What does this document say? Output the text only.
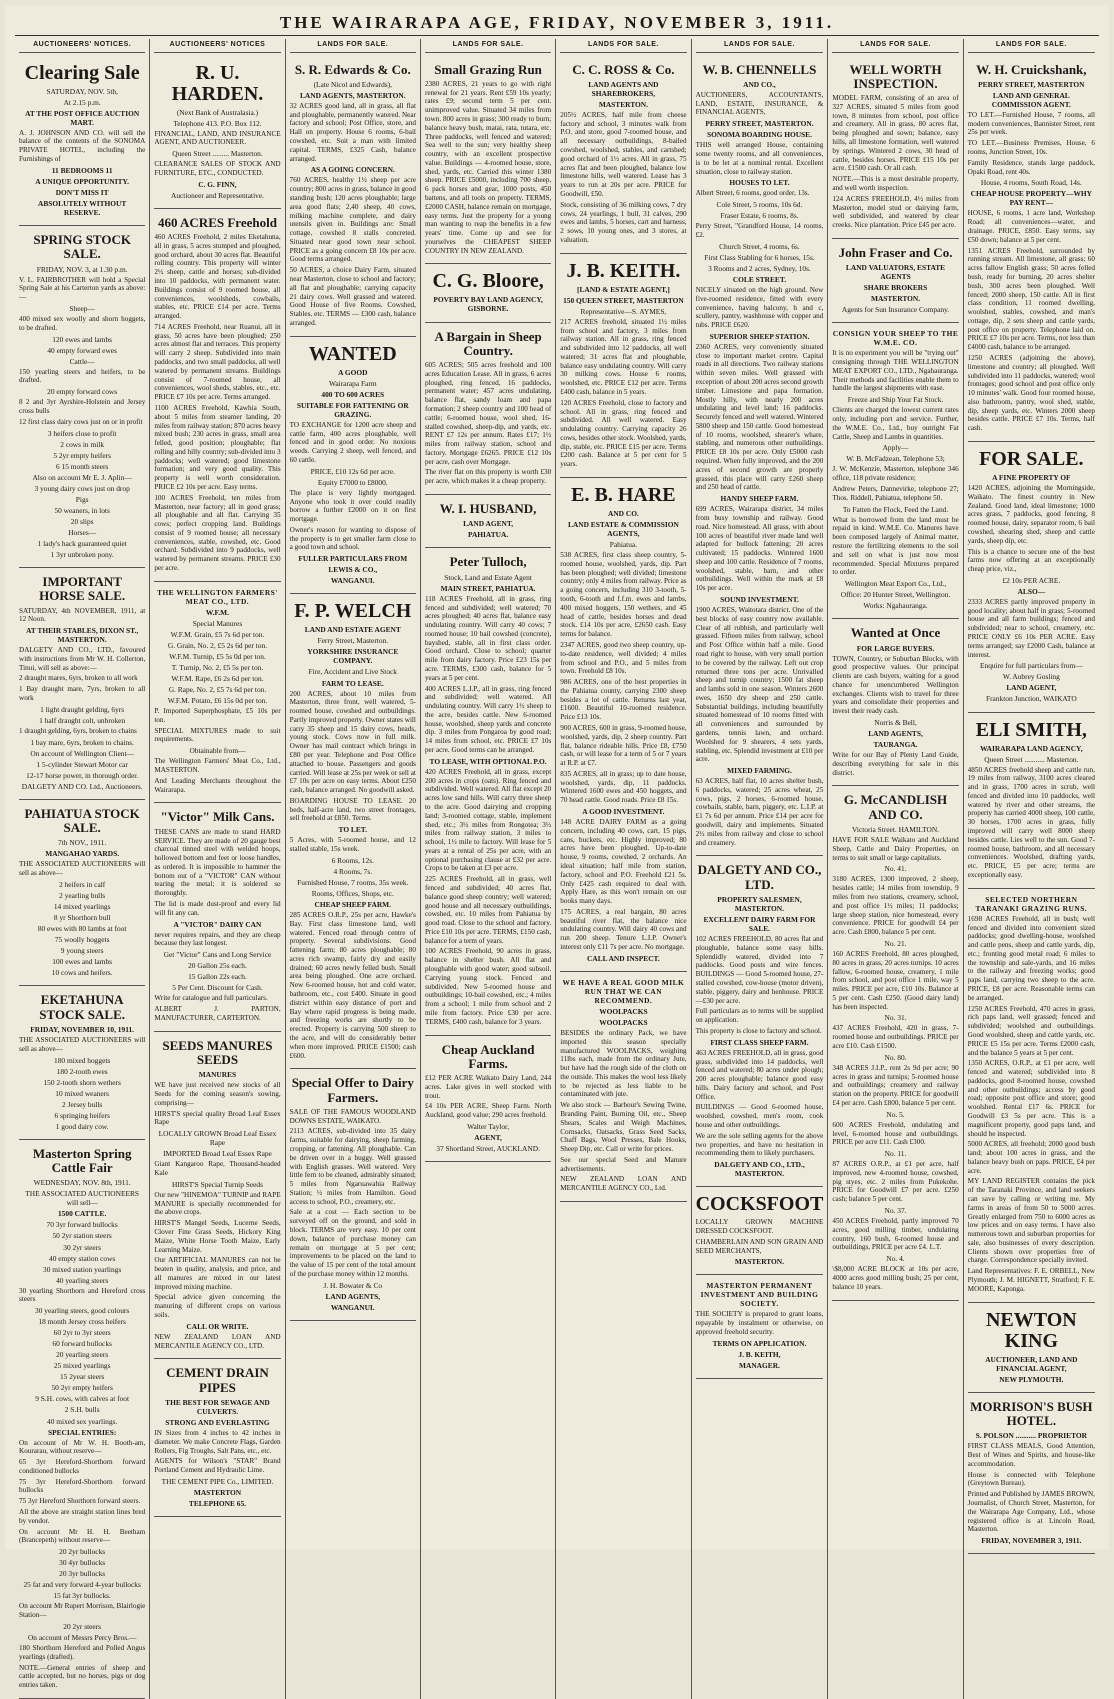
THE WAIRARAPA AGE, FRIDAY, NOVEMBER 3, 1911.
AUCTIONEERS' NOTICES.
Clearing Sale
SATURDAY, NOV. 5th,
At 2.15 p.m.
AT THE POST OFFICE AUCTION MART.
A. J. JOHNSON AND CO. will sell the balance of the contents of the SONOMA PRIVATE HOTEL, including the Furnishings of
11 BEDROOMS 11
A UNIQUE OPPORTUNITY.
DON'T MISS IT
ABSOLUTELY WITHOUT RESERVE.
SPRING STOCK SALE.
FRIDAY, NOV. 3, at 1.30 p.m.
V. L. FAIRBROTHER will hold a Special Spring Sale at his Carterton yards as above:—
Sheep—
400 mixed sex woolly and shorn hoggets, to be drafted.
120 ewes and lambs
40 empty forward ewes
Cattle—
150 yearling steers and heifers, to be drafted.
20 empty forward cows
8 2 and 3yr Ayrshire-Holstein and Jersey cross bulls
12 first class dairy cows just on or in profit
3 heifers close to profit
2 cows in milk
5 2yr empty heifers
6 15 month steers
Also on account Mr E. J. Aplin—
3 young dairy cows just on drop
Pigs
50 weaners, in lots
20 slips
Horses—
1 lady's hack guaranteed quiet
1 3yr unbroken pony.
IMPORTANT HORSE SALE.
SATURDAY, 4th NOVEMBER, 1911, at 12 Noon.
AT THEIR STABLES, DIXON ST., MASTERTON.
DALGETY AND CO., LTD., favoured with instructions from Mr W. H. Collerton, Tinui, will sell as above:—
2 draught mares, 6yrs, broken to all work
1 Bay draught mare, 7yrs, broken to all work
1 light draught gelding, 6yrs
1 half draught colt, unbroken
1 draught gelding, 6yrs, broken to chains
1 bay mare, 6yrs, broken to chains.
On account of Wellington Client—
1 5-cylinder Stewart Motor car
12-17 horse power, in thorough order.
DALGETY AND CO. Ltd., Auctioneers.
PAHIATUA STOCK SALE.
7th NOV., 1911.
MANGAHAO YARDS.
THE ASSOCIATED AUCTIONEERS will sell as above—
2 heifers in calf
2 yearling bulls
14 mixed yearlings
8 yr Shorthorn bull
80 ewes with 80 lambs at foot
75 woolly hoggets
9 young steers
100 ewes and lambs
10 cows and heifers.
EKETAHUNA STOCK SALE.
FRIDAY, NOVEMBER 10, 1911.
THE ASSOCIATED AUCTIONEERS will sell as above—
180 mixed hoggets
180 2-tooth ewes
150 2-tooth shorn wethers
10 mixed weaners
2 Jersey bulls
6 springing heifers
1 good dairy cow.
Masterton Spring Cattle Fair
WEDNESDAY, NOV. 8th, 1911.
THE ASSOCIATED AUCTIONEERS will sell—
1500 CATTLE.
70 3yr forward bullocks
50 2yr station steers
30 2yr steers
40 empty station cows
30 mixed station yearlings
40 yearling steers
30 yearling Shorthorn and Hereford cross steers
30 yearling steers, good colours
18 month Jersey cross heifers
60 2yr to 3yr steers
60 forward bullocks
20 yearling steers
25 mixed yearlings
15 2year steers
50 2yr empty heifers
9 S.H. cows, with calves at foot
2 S.H. bulls
40 mixed sex yearlings.
SPECIAL ENTRIES:
On account of Mr W. H. Booth-am, Kourarau, without reserve—
65 3yr Hereford-Shorthorn forward conditioned bullocks
75 3yr Hereford-Shorthorn forward bullocks
75 3yr Hereford Shorthorn forward steers.
All the above are straight station lines bred by vendor.
On account Mr H. H. Beetham (Brancepeth) without reserve—
20 2yr bullocks
30 4yr bullocks
20 3yr bullocks
25 fat and very forward 4-year bullocks
15 fat 3yr bullocks.
On account Mr Rupert Morrison, Blairlogie Station—
20 2yr steers
On account of Messrs Percy Bros.—
180 Shorthorn Hereford and Polled Angus yearlings (drafted).
NOTE.—General entries of sheep and cattle accepted, but no horses, pigs or dog entries taken.
AUCTIONEERS' NOTICES
R. U. HARDEN.
(Next Bank of Australasia.)
Telephone 413. P.O. Box 112.
FINANCIAL, LAND, AND INSURANCE AGENT, AND AUCTIONEER.
Queen Street ......... Masterton.
CLEARANCE SALES OF STOCK AND FURNITURE, ETC., CONDUCTED.
C. G. FINN,
Auctioneer and Representative.
460 ACRES Freehold
460 ACRES Freehold, 2 miles Eketahuna, all in grass, 5 acres stumped and ploughed, good orchard, about 30 acres flat. Beautiful rolling country. This property will winter 2½ sheep, cattle and horses; sub-divided into 10 paddocks, with permanent water. Buildings consist of 9 roomed house, all conveniences, woolsheds, cowbails, stables, etc. PRICE £14 per acre. Terms arranged.
714 ACRES Freehold, near Ruanui, all in grass, 50 acres have been ploughed; 250 acres almost flat and terraces. This property will carry 2 sheep. Subdivided into main paddocks, and two small paddocks, all well watered by permanent streams. Buildings consist of 7-roomed house, all conveniences, wool sheds, stables, etc., etc. PRICE £7 10s per acre. Terms arranged.
1100 ACRES Freehold, Kawhia South, about 5 miles from steamer landing, 20 miles from railway station; 870 acres heavy mixed bush; 230 acres in grass, small area felled, good position; ploughable; flat rolling and hilly country; sub-divided into 3 paddocks; well watered; good limestone formation; and very good quality. This property is well worth consideration. PRICE £2 10s per acre. Easy terms.
100 ACRES Freehold, ten miles from Masterton, near factory; all in good grass; all ploughable and all flat. Carrying 35 cows; perfect cropping land. Buildings consist of 9 roomed house; all necessary conveniences, stable, cowshed, etc. Good orchard. Subdivided into 9 paddocks, well watered by permanent streams. PRICE £30 per acre.
THE WELLINGTON FARMERS' MEAT CO., LTD.
W.F.M.
Special Manures
W.F.M. Grain, £5 7s 6d per ton.
G. Grain, No. 2, £5 2s 6d per ton.
W.F.M. Turnip, £5 5s 0d per ton.
T. Turnip, No. 2, £5 5s per ton.
W.F.M. Rape, £6 2s 6d per ton.
G. Rape, No. 2, £5 7s 6d per ton.
W.F.M. Potato, £6 15s 0d per ton.
P. Imported Superphosphate, £5 10s per ton.
SPECIAL MIXTURES made to suit requirements.
Obtainable from—
The Wellington Farmers' Meat Co., Ltd., MASTERTON.
And Leading Merchants throughout the Wairarapa.
"Victor" Milk Cans.
THESE CANS are made to stand HARD SERVICE. They are made of 20 gauge best charcoal tinned steel with welded hoops, hollowed bottom and feet or loose handles, as ordered. It is impossible to hammer the bottom out of a "VICTOR" CAN without tearing the metal; it is soldered so thoroughly.
The lid is made dust-proof and every lid will fit any can.
A "VICTOR" DAIRY CAN
never requires repairs, and they are cheap because they last longest.
Get "Victor" Cans and Long Service
20 Gallon 25s each.
15 Gallon 22s each.
5 Per Cent. Discount for Cash.
Write for catalogue and full particulars.
ALBERT J. PARTON, MANUFACTURER, CARTERTON.
SEEDS MANURES SEEDS
MANURES
WE have just received new stocks of all Seeds for the coming season's sowing, comprising—
HIRST'S special quality Broad Leaf Essex Rape
LOCALLY GROWN Broad Leaf Essex Rape
IMPORTED Broad Leaf Essex Rape
Giant Kangaroo Rape, Thousand-headed Kale
HIRST'S Special Turnip Seeds
Our new "HINEMOA" TURNIP and RAPE MANURE is specially recommended for the above crops.
HIRST'S Mangel Seeds, Lucerne Seeds, Clover Fine Grass Seeds, Hickory King Maize, White Horse Tooth Maize, Early Learning Maize.
Our ARTIFICIAL MANURES can not be beaten in quality, analysis, and price, and all manures are mixed in our latest improved mixing machine.
Special advice given concerning the manuring of different crops on various soils.
CALL OR WRITE.
NEW ZEALAND LOAN AND MERCANTILE AGENCY CO., LTD.
CEMENT DRAIN PIPES
THE BEST FOR SEWAGE AND CULVERTS.
STRONG AND EVERLASTING
IN Sizes from 4 inches to 42 inches in diameter. We make Concrete Flags, Garden Rollers, Fig Troughs, Salt Pans, etc., etc.
AGENTS for Wilson's "STAR" Brand Portland Cement and Hydraulic Lime.
THE CEMENT PIPE Co., LIMITED.
MASTERTON
TELEPHONE 65.
LANDS FOR SALE.
S. R. Edwards & Co.
(Late Nicol and Edwards),
LAND AGENTS, MASTERTON.
32 ACRES good land, all in grass, all flat and ploughable, permanently watered. Near factory and school; Post Office, store, and Hall on property. House 6 rooms, 6-bail cowshed, etc. Suit a man with limited capital. TERMS, £325 Cash, balance arranged.
AS A GOING CONCERN.
760 ACRES, healthy 1½ sheep per acre country; 800 acres in grass, balance in good standing bush; 120 acres ploughable; large area good flats; 2,40 sheep, 40 cows, milking machine complete, and dairy utensils given in. Buildings are: Small cottage, cowshed 8 stalls concreted. Situated near good town near school. PRICE as a going concern £8 10s per acre. Good terms arranged.
50 ACRES, a choice Dairy Farm, situated near Masterton, close to school and factory; all flat and ploughable; carrying capacity 21 dairy cows. Well grassed and watered. Good House of five Rooms. Cowshed, Stables, etc. TERMS — £300 cash, balance arranged.
WANTED
A GOOD
Wairarapa Farm
400 TO 600 ACRES
SUITABLE FOR FATTENING OR GRAZING.
TO EXCHANGE for 1200 acre sheep and cattle farm, 400 acres ploughable, well fenced and in good order. No noxious weeds. Carrying 2 sheep, well fenced, and 60 cattle.
PRICE, £10 12s 6d per acre.
Equity £7000 to £8000.
The place is very lightly mortgaged. Anyone who took it over could readily borrow a further £2000 on it on first mortgage.
Owner's reason for wanting to dispose of the property is to get smaller farm close to a good town and school.
FULLER PARTICULARS FROM
LEWIS & CO.,
WANGANUI.
F. P. WELCH
LAND AND ESTATE AGENT
Ferry Street, Masterton.
YORKSHIRE INSURANCE COMPANY.
Fire, Accident and Live Stock
FARM TO LEASE.
200 ACRES, about 10 miles from Masterton, three front, well watered, 5-roomed house, cowshed and outbuildings. Partly improved property. Owner states will carry 35 sheep and 15 dairy cows, heads, young stock. Cows now in full milk. Owner has mail contract which brings in £80 per year. Telephone and Post Office attached to house. Passengers and goods carried. Will lease at 25s per week or sell at £7 10s per acre on easy terms. About £250 cash, balance arranged. No goodwill asked.
BOARDING HOUSE TO LEASE. 20 beds, half-acre land, two street frontages, sell freehold at £850. Terms.
TO LET.
5 Acres, with 5-roomed house, and 12 stalled stable, 15s week.
6 Rooms, 12s.
4 Rooms, 7s.
Furnished House, 7 rooms, 35s week.
Rooms, Offices, Shops, etc.
CHEAP SHEEP FARM.
285 ACRES O.R.P., 25s per acre, Hawke's Bay. First class limestone land, well watered. Fenced road through centre of property. Several subdivisions. Good fattening farm; 80 acres ploughable; 80 acres rich swamp, fairly dry and easily drained; 60 acres newly felled bush. Small area being ploughed. One acre orchard. New 6-roomed house, hot and cold water, bathroom, etc., cost £400. Situate in good district within easy distance of port and Bay where rapid progress is being made, and freezing works are shortly to be erected. Property is carrying 500 sheep to the acre, and will do considerably better when more improved. PRICE £1500; cash £600.
Special Offer to Dairy Farmers.
SALE OF THE FAMOUS WOODLAND DOWNS ESTATE, WAIKATO.
2113 ACRES, sub-divided into 35 dairy farms, suitable for dairying, sheep farming, cropping, or fattening. All ploughable. Can be driven over in a buggy. Well grassed with English grasses. Well watered. Very little fern to be cleaned, admirably situated; 5 miles from Ngaruawahia Railway Station; ½ miles from Hamilton. Good access to school, P.O., creamery, etc.
Sale at a cost — Each section to be surveyed off on the ground, and sold in block. TERMS are very easy. 10 per cent down, balance of purchase money can remain on mortgage at 5 per cent; improvements to be placed on the land to the value of 15 per cent of the total amount of the purchase money within 12 months.
J. H. Bowater & Co
LAND AGENTS,
WANGANUI.
LANDS FOR SALE.
Small Grazing Run
2380 ACRES, 21 years to go with right renewal for 21 years. Rent £59 10s yearly; rates £9; second term 5 per cent. unimproved value. Situated 34 miles from town. 800 acres in grass; 300 ready to burn; balance heavy bush, matai, rata, tutara, etc. Three paddocks, well fenced and watered; Sea well to the sun; very healthy sheep country, with an excellent prospective value. Buildings — 4-roomed house, store, shed, yards, etc. Carried this winter 1380 sheep. PRICE £5000, including 700 sheep, 6 pack horses and gear, 1000 posts, 450 battens, and all tools on property. TERMS, £2000 CASH, balance remain on mortgage, easy terms. Just the property for a young man wanting to reap the benefits in a few years' time. Come up and see for yourselves the CHEAPEST SHEEP COUNTRY IN NEW ZEALAND.
C. G. Bloore,
POVERTY BAY LAND AGENCY, GISBORNE.
A Bargain in Sheep Country.
605 ACRES; 505 acres freehold and 100 acres Education Lease. All in grass, 6 acres ploughed, ring fenced, 16 paddocks, permanent water; 457 acres undulating, balance flat, sandy loam and papa formation; 2 sheep country and 100 head of cattle; 6-roomed house, wool shed, 16-stalled cowshed, sheep-dip, and yards, etc. RENT £7 12s per annum. Rates £17; 1½ miles from railway station, school and factory. Mortgage £6265. PRICE £12 10s per acre, cash over Mortgage.
The river flat on this property is worth £30 per acre, which makes it a cheap property.
W. I. HUSBAND,
LAND AGENT,
PAHIATUA.
Peter Tulloch,
Stock, Land and Estate Agent
MAIN STREET, PAHIATUA.
118 ACRES Freehold, all in grass, ring fenced and subdivided; well watered; 70 acres ploughed; 40 acres flat, balance easy undulating country. Will carry 40 cows; 7 roomed house; 10 bail cowshed (concrete), bayshed, stable, all in first class order. Good orchard. Close to school; quarter mile from dairy factory. Price £23 15s per acre. TERMS, £300 cash, balance for 5 years at 5 per cent.
400 ACRES L.I.P., all in grass, ring fenced and subdivided; well watered. All undulating country. Will carry 1½ sheep to the acre, besides cattle. New 6-roomed house, woolshed, sheep yards and concrete dip. 3 miles from Pongaroa by good road; 14 miles from school, etc. PRICE £7 10s per acre. Good terms can be arranged.
TO LEASE, WITH OPTIONAL P.O.
420 ACRES Freehold, all in grass, except 200 acres in crops (oats). Ring fenced and subdivided. Well watered. All flat except 20 acres low sand hills. Will carry three sheep to the acre. Good dairying and cropping land; 3-roomed cottage, stable, implement shed, etc.; 3½ miles from Rongotea; 3½ miles from railway station, 3 miles to school, 1½ mile to factory. Will lease for 5 years at a rental of 25s per acre, with an optional purchasing clause at £32 per acre. Crops to be taken at £3 per acre.
225 ACRES Freehold, all in grass, well fenced and subdivided; 40 acres flat, balance good sheep country; well watered; good house and all necessary outbuildings, cowshed, etc. 10 miles from Pahiatua by good road. Close to the school and factory. Price £10 10s per acre. TERMS, £150 cash, balance for a term of years.
100 ACRES Freehold, 90 acres in grass, balance in shelter bush. All flat and ploughable with good water; good subsoil. Carrying young stock. Fenced and subdivided. New 5-roomed house and outbuildings; 10-bail cowshed, etc.; 4 miles from a school; 1 mile from school and 2 mile from factory. Price £30 per acre. TERMS, £400 cash, balance for 3 years.
Cheap Auckland Farms.
£12 PER ACRE Waikato Dairy Land, 244 acres. Lake gives in well stocked with trout.
£4 10s PER ACRE, Sheep Farm. North Auckland, good value; 290 acres freehold.
Walter Taylor,
AGENT,
37 Shortland Street, AUCKLAND.
LANDS FOR SALE.
C. C. ROSS & Co.
LAND AGENTS AND SHAREBROKERS,
MASTERTON.
205½ ACRES, half mile from cheese factory and school, 3 minutes walk from P.O. and store, good 7-roomed house, and all necessary outbuildings, 8-bailed cowshed, woolshed, stables, and cartshed; good orchard of 1½ acres. All in grass, 75 acres flat and been ploughed, balance low limestone hills, well watered. Lease has 3 years to run at 20s per acre. PRICE for Goodwill, £50.
Stock, consisting of 36 milking cows, 7 dry cows, 24 yearlings, 1 bull, 31 calves, 290 ewes and lambs, 5 horses, cart and harness, 2 sows, 10 young ones, and 3 stores, at valuation.
J. B. KEITH.
[LAND & ESTATE AGENT,]
150 QUEEN STREET, MASTERTON
Representative—S. AYMES,
217 ACRES freehold, situated 1½ miles from school and factory, 3 miles from railway station. All in grass, ring fenced and subdivided into 12 paddocks, all well watered; 31 acres flat and ploughable, balance easy undulating country. Will carry 30 milking cows. House 6 rooms, woolshed, etc. PRICE £12 per acre. Terms £400 cash, balance in 5 years.
120 ACRES Freehold, close to factory and school. All in grass, ring fenced and subdivided. All well watered. Easy undulating country. Carrying capacity 26 cows, besides other stock. Woolshed, yards, dip, stable, etc. PRICE £15 per acre. Terms £200 cash. Balance at 5 per cent for 5 years.
E. B. HARE
AND CO.
LAND ESTATE & COMMISSION AGENTS,
Pahiatua.
538 ACRES, first class sheep country, 5-roomed house, woolshed, yards, dip. Part has been ploughed; well divided; limestone country; only 4 miles from railway. Price as a going concern, including 310 3-tooth, 5-tooth, 6-tooth and f.f.m. ewes and lambs, 400 mixed hoggets, 150 wethers, and 45 head of cattle, besides horses and dead stock. £14 10s per acre, £2650 cash. Easy terms for balance.
2347 ACRES, good two sheep country, up-to-date residence, well divided; 4 miles from school and P.O., and 5 miles from town. Freehold £8 10s.
986 ACRES, one of the best properties in the Pahiatua county, carrying 2300 sheep besides a lot of cattle. Returns last year, £1600. Beautiful 10-roomed residence. Price £13 10s.
900 ACRES, 600 in grass, 9-roomed house, woolshed, yards, dip, 2 sheep country. Part flat, balance rideable hills. Price £8, £750 cash, or will lease for a term of 5 or 7 years at R.P. at £7.
835 ACRES, all in grass; up to date house, woolshed, yards, dip, 11 paddocks. Wintered 1600 ewes and 450 hoggets, and 70 head cattle. Good roads. Price £8 15s.
A GOOD INVESTMENT.
148 ACRE DAIRY FARM as a going concern, including 40 cows, cart, 15 pigs, cans, buckets, etc. Highly improved; 80 acres have been ploughed. Up-to-date house, 9 rooms, cowshed, 2 orchards. An ideal situation; half mile from station, factory, school and P.O. Freehold £21 5s. Only £425 cash required to deal with. Apply Hare, as this won't remain on our books many days.
175 ACRES, a real bargain, 80 acres beautiful river flat, the balance nice undulating country. Will dairy 40 cows and run 200 sheep. Tenure L.I.P. Owner's interest only £11 7s per acre. No mortgage.
CALL AND INSPECT.
WE HAVE A REAL GOOD MILK RUN THAT WE CAN RECOMMEND.
WOOLPACKS
WOOLPACKS
BESIDES the ordinary Pack, we have imported this season specially manufactured WOOLPACKS, weighing 11lbs each, made from the ordinary Jute, but have had the rough side of the cloth on the outside. This makes the wool less likely to be rejected as less liable to be contaminated with jute.
We also stock — Barbour's Sewing Twine, Branding Paint, Burning Oil, etc., Sheep Shears, Scales and Weigh Machines, Cornsacks, Oatsacks, Grass Seed Sacks, Chaff Bags, Wool Presses, Bale Hooks, Sheep Dip, etc. Call or write for prices.
See our special Seed and Manure advertisements.
NEW ZEALAND LOAN AND MERCANTILE AGENCY CO., Ltd.
LANDS FOR SALE.
W. B. CHENNELLS
AND CO.,
AUCTIONEERS, ACCOUNTANTS, LAND, ESTATE, INSURANCE, & FINANCIAL AGENTS,
PERRY STREET, MASTERTON.
SONOMA BOARDING HOUSE.
THIS well arranged House, containing some twenty rooms, and all conveniences, is to be let at a nominal rental. Excellent situation, close to railway station.
HOUSES TO LET.
Albert Street, 6 rooms, good order, 13s.
Cole Street, 5 rooms, 10s 6d.
Fraser Estate, 6 rooms, 8s.
Perry Street, "Grandford House, 14 rooms, £2.
Church Street, 4 rooms, 6s.
First Class Stabling for 6 horses, 15s.
3 Rooms and 2 acres, Sydney, 10s.
COLE STREET.
NICELY situated on the high ground. New five-roomed residence, fitted with every convenience, having balcony, h and c, scullery, pantry, washhouse with copper and tubs. PRICE £620.
SUPERIOR SHEEP STATION.
2360 ACRES, very conveniently situated close to important market centre. Capital roads in all directions. Two railway stations within seven miles. Well grassed with exception of about 200 acres second growth timber. Limestone and papa formation. Mostly hilly, with nearly 200 acres undulating and level land; 16 paddocks. Securely fenced and well watered. Wintered 5800 sheep and 150 cattle. Good homestead of 10 rooms, woolshed, shearer's whare, stabling, and numerous other outbuildings. PRICE £8 10s per acre. Only £5000 cash required. When fully improved, and the 200 acres of second growth are properly grassed, this place will carry £260 sheep and 250 head of cattle.
HANDY SHEEP FARM.
699 ACRES, Wairarapa district, 34 miles from busy township and railway. Good road. Nice homestead. All grass, with about 100 acres of beautiful river made land well adapted for bullock fattening; 20 acres cultivated; 15 paddocks. Wintered 1600 sheep and 100 cattle. Residence of 7 rooms, woolshed, stable, barn, and other outbuildings. Well within the mark at £8 10s per acre.
SOUND INVESTMENT.
1900 ACRES, Waitotara district. One of the best blocks of easy country now available. Clear of all rubbish, and particularly well grassed. Fifteen miles from railway, school and Post Office within half a mile. Good road right to house, with very small portion to be covered by the railway. Left out crop returned three tons per acre. Unrivalled sheep and turnip country; 1500 fat sheep and lambs sold in one season. Winters 2600 ewes, 1650 dry sheep and 250 cattle. Substantial buildings, including beautifully situated homestead of 10 rooms fitted with all conveniences and surrounded by gardens, tennis lawn, and orchard. Woolshed for 9 shearers, 4 sets yards, stabling, etc. Splendid investment at £10 per acre.
MIXED FARMING.
63 ACRES, half flat, 10 acres shelter bush, 6 paddocks, watered; 25 acres wheat, 25 cows, pigs, 2 horses, 6-roomed house, cowbails, stable, barn, piggery, etc. L.I.P. at £1 7s 6d per annum. Price £14 per acre for goodwill, dairy and implements. Situated 2½ miles from railway and close to school and creamery.
DALGETY AND CO., LTD.
PROPERTY SALESMEN, MASTERTON.
EXCELLENT DAIRY FARM FOR SALE.
102 ACRES FREEHOLD, 80 acres flat and ploughable, balance some easy hills. Splendidly watered, divided into 7 paddocks. Good posts and wire fences. BUILDINGS — Good 5-roomed house, 27-stalled cowshed, cow-house (motor driven), stable, piggery, dairy and henhouse. PRICE—£30 per acre.
Full particulars as to terms will be supplied on application.
This property is close to factory and school.
FIRST CLASS SHEEP FARM.
463 ACRES FREEHOLD, all in grass, good grass, subdivided into 14 paddocks, well fenced and watered; 80 acres under plough; 200 acres ploughable; balance good easy hills. Dairy factory and school, and Post Office.
BUILDINGS — Good 6-roomed house, woolshed, cowshed, men's room, cook house and other outbuildings.
We are the sole selling agents for the above two properties, and have no hesitation in recommending them to likely purchasers.
DALGETY AND CO., LTD., MASTERTON.
COCKSFOOT
LOCALLY GROWN MACHINE DRESSED COCKSFOOT.
CHAMBERLAIN AND SON GRAIN AND SEED MERCHANTS,
MASTERTON.
MASTERTON PERMANENT INVESTMENT AND BUILDING SOCIETY.
THE SOCIETY is prepared to grant loans, repayable by instalment or otherwise, on approved freehold security.
TERMS ON APPLICATION.
J. B. KEITH,
MANAGER.
LANDS FOR SALE.
WELL WORTH INSPECTION.
MODEL FARM, consisting of an area of 327 ACRES, situated 5 miles from good town, 8 minutes from school, post office and creamery. All in grass, 80 acres flat, being ploughed and sown; balance, easy hills, all limestone formation, well watered by springs. Wintered 2 cows, 30 head of cattle, besides horses. PRICE £15 10s per acre. £1500 cash. Or all cash.
NOTE.—This is a most desirable property, and well worth inspection.
124 ACRES FREEHOLD, 4½ miles from Masterton, model stud or dairying farm, well subdivided, and watered by clear creeks. Nice plantation. Price £45 per acre.
John Fraser and Co.
LAND VALUATORS, ESTATE AGENTS
SHARE BROKERS
MASTERTON.
Agents for Sun Insurance Company.
CONSIGN YOUR SHEEP TO THE W.M.E. CO.
It is no experiment you will be "trying out" consigning through THE WELLINGTON MEAT EXPORT CO., LTD., Ngahauranga. Their methods and facilities enable them to handle the largest shipments with ease.
Freeze and Ship Your Fat Stock.
Clients are charged the lowest current rates only, including port and service. Further, the W.M.E. Co., Ltd., buy outright Fat Cattle, Sheep and Lambs in quantities.
Apply—
W. B. McFadzean, Telephone 53;
J. W. McKenzie, Masterton, telephone 346 office, 118 private residence;
Andrew Peters, Dannevirke, telephone 27; Thos. Riddell, Pahiatua, telephone 50.
To Fatten the Flock, Feed the Land.
What is borrowed from the land must be repaid in kind. W.M.E. Co. Manures have been composed largely of Animal matter, restore the fertilizing elements to the soil and sell on what is just now most recommended. Special Mixtures prepared to order.
Wellington Meat Export Co., Ltd.,
Office: 20 Hunter Street, Wellington.
Works: Ngahauranga.
Wanted at Once
FOR LARGE BUYERS.
TOWN, Country, or Suburban Blocks, with good prospective values. Our principal clients are cash buyers, waiting for a good chance for unencumbered Wellington exchanges. Clients wish to travel for three years and consolidate their properties and invest their ready cash.
Norris & Bell,
LAND AGENTS,
TAURANGA.
Write for our Bay of Plenty Land Guide, describing everything for sale in this district.
G. McCANDLISH AND CO.
Victoria Street. HAMILTON.
HAVE FOR SALE Waikato and Auckland Sheep, Cattle and Dairy Properties, on terms to suit small or large capitalists.
No. 41.
3180 ACRES, 1300 improved, 2 sheep, besides cattle; 14 miles from township, 9 miles from two stations, creamery, school, and post office 1½ miles; 11 paddocks; large sheep station, nice homestead, every convenience. PRICE for goodwill £4 per acre. Cash £800, balance 5 per cent.
No. 21.
160 ACRES Freehold, 80 acres ploughed, 80 acres in grass, 20 acres turnips. 10 acres fallow, 6-roomed house, creamery, 1 mile from school, and post office 1 mile, way 5 miles. PRICE per acre, £10 10s. Balance at 5 per cent. Cash £250. (Good dairy land) has been inspected.
No. 31.
437 ACRES Freehold, 420 in grass, 7-roomed house and outbuildings. PRICE per acre £10. Cash £1500.
No. 80.
348 ACRES J.I.P., rent 2s 9d per acre; 90 acres in grass and turnips; 5-roomed house and outbuildings; creamery and railway station on the property. PRICE for goodwill £4 per acre. Cash £800, balance 5 per cent.
No. 5.
600 ACRES Freehold, undulating and level, 6-roomed house and outbuildings. PRICE per acre £11. Cash £300.
No. 11.
87 ACRES O.R.P., at £1 per acre, half improved, new 4-roomed house, cowshed, pig styes, etc. 2 miles from Pukekohe. PRICE for Goodwill £7 per acre. £250 cash; balance 5 per cent.
No. 37.
450 ACRES Freehold, partly improved 70 acres, good milling timber, undulating country, 160 bush, 6-roomed house and outbuildings, PRICE per acre £4. L.T.
No. 4.
\$8,000 ACRE BLOCK at 10s per acre, 4000 acres good milling bush; 25 per cent, balance 10 years.
LANDS FOR SALE.
W. H. Cruickshank,
PERRY STREET, MASTERTON
LAND AND GENERAL COMMISSION AGENT.
TO LET.—Furnished House, 7 rooms, all modern conveniences, Bannister Street, rent 25s per week.
TO LET.—Business Premises, House, 6 rooms, Junction Street, 10s.
Family Residence, stands large paddock, Opaki Road, rent 40s.
House, 4 rooms, South Road, 14s.
CHEAP HOUSE PROPERTY—WHY PAY RENT—
HOUSE, 6 rooms, 1 acre land, Workshop Road; all conveniences—water, and drainage. PRICE, £850. Easy terms, say £50 down; balance at 5 per cent.
1351 ACRES Freehold, surrounded by running stream. All limestone, all grass; 60 acres fallow English grass; 50 acres felled bush, ready for burning, 20 acres shelter bush, 300 acres been ploughed. Well fenced; 2000 sheep, 150 cattle. All in first class condition, 11 roomed dwelling, woolshed, stables, cowshed, and man's cottage, dip, 2 sets sheep and cattle yards, post office on property. Telephone laid on. PRICE £7 10s per acre. Terms, not less than £4000 cash, balance to be arranged.
1250 ACRES (adjoining the above), limestone and country; all ploughed. Well subdivided into 11 paddocks, watered; wool frontages; good school and post office only 10 minutes' walk. Good four roomed house, also bathroom, pantry, wool shed, stable, dip, sheep yards, etc. Winters 2000 sheep besides cattle. PRICE £7 10s. Terms, half cash.
FOR SALE.
A FINE PROPERTY OF
1420 ACRES, adjoining the Morningside, Waikato. The finest country in New Zealand. Good land, ideal limestone; 1000 acres grass, 7 paddocks, good fencing, 8 roomed house, dairy, separator room, 6 bail cowshed, shearing shed, sheep and cattle yards, sheep dip, etc.
This is a chance to secure one of the best farms now offering at an exceptionally cheap price, viz.,
£2 10s PER ACRE.
ALSO—
2333 ACRES partly improved property in good locality; about half in grass; 5-roomed house and all farm buildings; fenced and subdivided; near to school, creamery, etc. PRICE ONLY £6 10s PER ACRE. Easy terms arranged; say £2000 Cash, balance at interest.
Enquire for full particulars from—
W. Aubrey Gosling
LAND AGENT,
Frankton Junction, WAIKATO
ELI SMITH,
WAIRARAPA LAND AGENCY,
Queen Street ........... Masterton.
4850 ACRES freehold sheep and cattle run, 19 miles from railway, 3100 acres cleared and in grass, 1700 acres in scrub, well fenced and divided into 10 paddocks, well watered by river and other streams, the property has carried 4000 sheep, 100 cattle, 30 horses, 1700 acres in grass, fully improved will carry well 8000 sheep besides cattle. Lies well to the sun. Good 7-roomed house, bathroom, and all necessary conveniences. Woolshed, drafting yards, etc. PRICE, £5 per acre; terms are exceptionally easy.
SELECTED NORTHERN TARANAKI GRAZING RUNS.
1698 ACRES Freehold, all in bush; well fenced and divided into convenient sized paddocks; good dwelling-house, woolshed and cattle pens, sheep and cattle yards, dip, etc.; fronting good metal road; 6 miles to the township and sale-yards, and 16 miles to the railway and freezing works; good paps land, carrying two sheep to the acre. PRICE, £8 per acre. Reasonable terms can be arranged.
1250 ACRES Freehold, 470 acres in grass, rich paps land, well grassed; fenced and subdivided; woolshed and outbuildings. Good woolshed, sheep and cattle yards, etc. PRICE £5 15s per acre. Terms £2000 cash, and the balance 5 years at 5 per cent.
1350 ACRES, O.R.P., at £1 per acre, well fenced and watered; subdivided into 8 paddocks, good 8-roomed house, cowshed and other outbuildings; access by good road; opposite post office and store; good woolshed. Rental £17 6s. PRICE for Goodwill £3 5s per acre. This is a magnificent property, good paps land, and should be inspected.
5000 ACRES, all freehold; 2000 good bush land; about 100 acres in grass, and the balance heavy bush on paps. PRICE, £4 per acre.
MY LAND REGISTER contains the pick of the Taranaki Province, and land seekers can save by calling or writing me. My farms in areas of from 50 to 5000 acres. Greatly enlarged from 750 to 6000 acres as low prices and on easy terms. I have also numerous town and suburban properties for sale, also businesses of every description. Clients shown over properties free of charge. Correspondence specially invited.
Land Representatives: F. E. ORBELL, New Plymouth; J. M. HIGNETT, Stratford; F. E. MOORE, Kaponga.
NEWTON KING
AUCTIONEER, LAND AND FINANCIAL AGENT,
NEW PLYMOUTH.
MORRISON'S BUSH HOTEL.
S. POLSON ........... PROPRIETOR
FIRST CLASS MEALS, Good Attention, Best of Wines and Spirits, and house-like accommodation.
House is connected with Telephone (Greytown Bureau).
Printed and Published by JAMES BROWN, Journalist, of Church Street, Masterton, for the Wairarapa Age Company, Ltd., whose registered office is at Lincoln Road, Masterton.
FRIDAY, NOVEMBER 3, 1911.
